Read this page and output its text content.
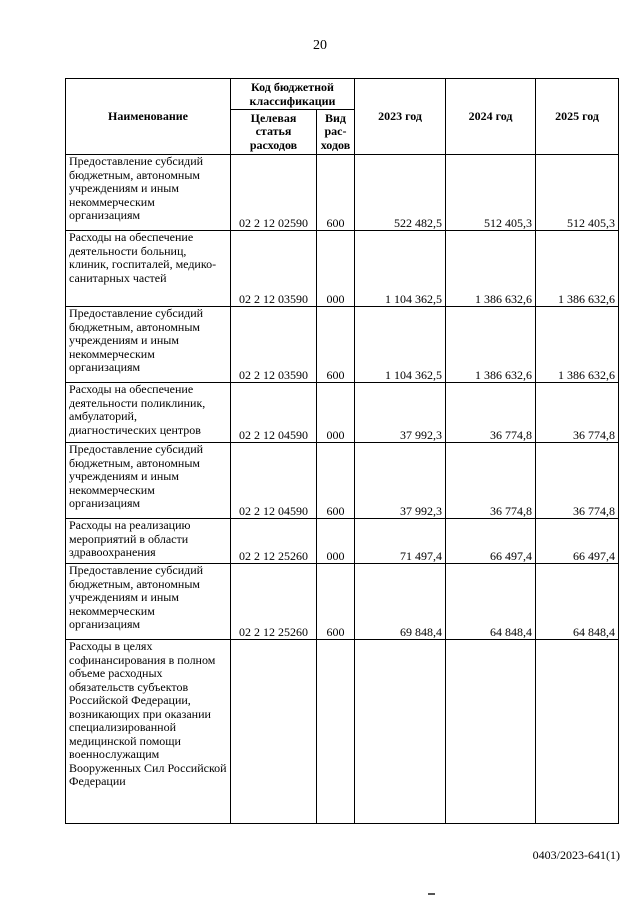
20
Наименование	Код бюджетной классификации		2023 год	2024 год	2025 год
	Целевая статья расходов	Вид рас-ходов			
Предоставление субсидий бюджетным, автономным учреждениям и иным некоммерческим организациям	02 2 12 02590	600	522 482,5	512 405,3	512 405,3
Расходы на обеспечение деятельности больниц, клиник, госпиталей, медико-санитарных частей	02 2 12 03590	000	1 104 362,5	1 386 632,6	1 386 632,6
Предоставление субсидий бюджетным, автономным учреждениям и иным некоммерческим организациям	02 2 12 03590	600	1 104 362,5	1 386 632,6	1 386 632,6
Расходы на обеспечение деятельности поликлиник, амбулаторий, диагностических центров	02 2 12 04590	000	37 992,3	36 774,8	36 774,8
Предоставление субсидий бюджетным, автономным учреждениям и иным некоммерческим организациям	02 2 12 04590	600	37 992,3	36 774,8	36 774,8
Расходы на реализацию мероприятий в области здравоохранения	02 2 12 25260	000	71 497,4	66 497,4	66 497,4
Предоставление субсидий бюджетным, автономным учреждениям и иным некоммерческим организациям	02 2 12 25260	600	69 848,4	64 848,4	64 848,4
Расходы в целях софинансирования в полном объеме расходных обязательств субъектов Российской Федерации, возникающих при оказании специализированной медицинской помощи военнослужащим Вооруженных Сил Российской Федерации					
0403/2023-641(1)
